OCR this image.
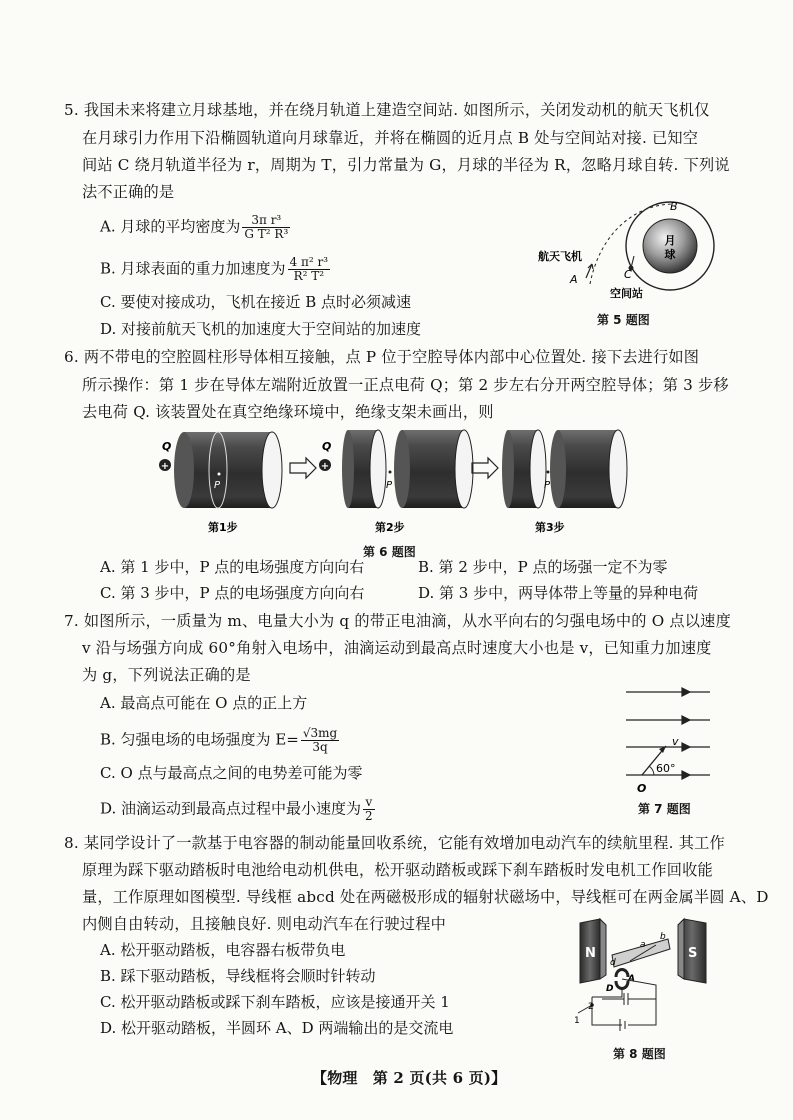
5. 我国未来将建立月球基地，并在绕月轨道上建造空间站. 如图所示，关闭发动机的航天飞机仅
在月球引力作用下沿椭圆轨道向月球靠近，并将在椭圆的近月点 B 处与空间站对接. 已知空
间站 C 绕月轨道半径为 r，周期为 T，引力常量为 G，月球的半径为 R，忽略月球自转. 下列说
法不正确的是
A. 月球的平均密度为 $\frac{\text{3π r³}}{\text{G T² R³}}$
B. 月球表面的重力加速度为 $\frac{\text{4 π² r³}}{\text{R² T²}}$
C. 要使对接成功，飞机在接近 B 点时必须减速
D. 对接前航天飞机的加速度大于空间站的加速度
月
球
B
A	C
航天飞机
空间站
第 5 题图
6. 两不带电的空腔圆柱形导体相互接触，点 P 位于空腔导体内部中心位置处. 接下去进行如图
所示操作：第 1 步在导体左端附近放置一正点电荷 Q；第 2 步左右分开两空腔导体；第 3 步移
去电荷 Q. 该装置处在真空绝缘环境中，绝缘支架未画出，则
Q
+
P
Q
+
P	P
第1步	第2步	第3步
第 6 题图
A. 第 1 步中，P 点的电场强度方向向右	B. 第 2 步中，P 点的场强一定不为零
C. 第 3 步中，P 点的电场强度方向向右	D. 第 3 步中，两导体带上等量的异种电荷
7. 如图所示，一质量为 m、电量大小为 q 的带正电油滴，从水平向右的匀强电场中的 O 点以速度
v 沿与场强方向成 60°角射入电场中，油滴运动到最高点时速度大小也是 v，已知重力加速度
为 g，下列说法正确的是
A. 最高点可能在 O 点的正上方
B. 匀强电场的电场强度为 $E= \frac{√3mg}{3q}$
C. O 点与最高点之间的电势差可能为零
D. 油滴运动到最高点过程中最小速度为 $\frac{v}{2}$
v
60°
O
第 7 题图
8. 某同学设计了一款基于电容器的制动能量回收系统，它能有效增加电动汽车的续航里程. 其工作
原理为踩下驱动踏板时电池给电动机供电，松开驱动踏板或踩下刹车踏板时发电机工作回收能
量，工作原理如图模型. 导线框 abcd 处在两磁极形成的辐射状磁场中，导线框可在两金属半圆 A、D
内侧自由转动，且接触良好. 则电动汽车在行驶过程中
A. 松开驱动踏板，电容器右板带负电
B. 踩下驱动踏板，导线框将会顺时针转动
C. 松开驱动踏板或踩下刹车踏板，应该是接通开关 1
D. 松开驱动踏板，半圆环 A、D 两端输出的是交流电
N	S
b
a
d
A
D
1
2
第 8 题图
【物理　第 2 页(共 6 页)】
